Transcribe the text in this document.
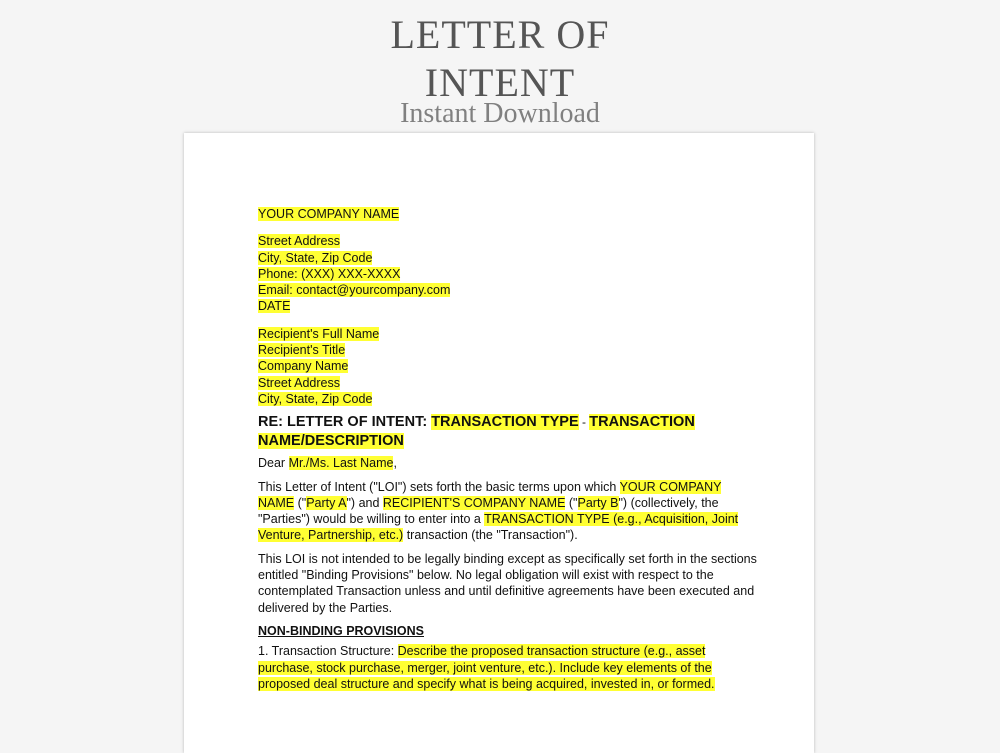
LETTER OF
INTENT
Instant Download

YOUR COMPANY NAME

Street Address

City, State, Zip Code

Phone: (XXX) XXX-XXXX

Email: contact@yourcompany.com

DATE

Recipient's Full Name

Recipient's Title

Company Name

Street Address

City, State, Zip Code

RE: LETTER OF INTENT: TRANSACTION TYPE - TRANSACTION NAME/DESCRIPTION

Dear Mr./Ms. Last Name,

This Letter of Intent ("LOI") sets forth the basic terms upon which YOUR COMPANY NAME ("Party A") and RECIPIENT'S COMPANY NAME ("Party B") (collectively, the "Parties") would be willing to enter into a TRANSACTION TYPE (e.g., Acquisition, Joint Venture, Partnership, etc.) transaction (the "Transaction").

This LOI is not intended to be legally binding except as specifically set forth in the sections entitled "Binding Provisions" below. No legal obligation will exist with respect to the contemplated Transaction unless and until definitive agreements have been executed and delivered by the Parties.

NON-BINDING PROVISIONS

1. Transaction Structure: Describe the proposed transaction structure (e.g., asset purchase, stock purchase, merger, joint venture, etc.). Include key elements of the proposed deal structure and specify what is being acquired, invested in, or formed.
